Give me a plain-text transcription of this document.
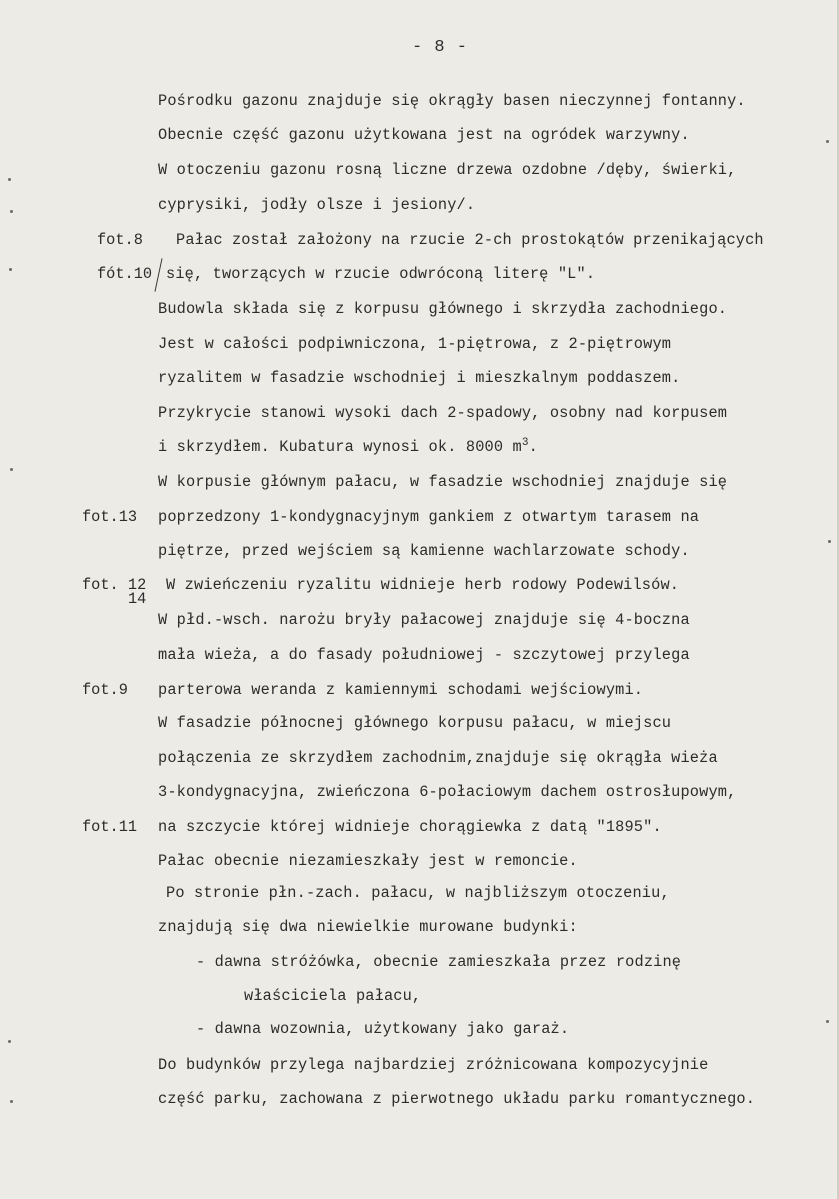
- 8 -
Pośrodku gazonu znajduje się okrągły basen nieczynnej fontanny.
Obecnie część gazonu użytkowana jest na ogródek warzywny.
W otoczeniu gazonu rosną liczne drzewa ozdobne /dęby, świerki,
cyprysiki, jodły olsze i jesiony/.
Pałac został założony na rzucie 2-ch prostokątów przenikających
się, tworzących w rzucie odwróconą literę "L".
Budowla składa się z korpusu głównego i skrzydła zachodniego.
Jest w całości podpiwniczona, 1-piętrowa, z 2-piętrowym
ryzalitem w fasadzie wschodniej i mieszkalnym poddaszem.
Przykrycie stanowi wysoki dach 2-spadowy, osobny nad korpusem
i skrzydłem. Kubatura wynosi ok. 8000 $m^3$.
W korpusie głównym pałacu, w fasadzie wschodniej znajduje się
poprzedzony 1-kondygnacyjnym gankiem z otwartym tarasem na
piętrze, przed wejściem są kamienne wachlarzowate schody.
W zwieńczeniu ryzalitu widnieje herb rodowy Podewilsów.
W płd.-wsch. narożu bryły pałacowej znajduje się 4-boczna
mała wieża, a do fasady południowej - szczytowej przylega
parterowa weranda z kamiennymi schodami wejściowymi.
W fasadzie północnej głównego korpusu pałacu, w miejscu
połączenia ze skrzydłem zachodnim,znajduje się okrągła wieża
3-kondygnacyjna, zwieńczona 6-połaciowym dachem ostrosłupowym,
na szczycie której widnieje chorągiewka z datą "1895".
Pałac obecnie niezamieszkały jest w remoncie.
Po stronie płn.-zach. pałacu, w najbliższym otoczeniu,
znajdują się dwa niewielkie murowane budynki:
- dawna stróżówka, obecnie zamieszkała przez rodzinę
właściciela pałacu,
- dawna wozownia, użytkowany jako garaż.
Do budynków przylega najbardziej zróżnicowana kompozycyjnie
część parku, zachowana z pierwotnego układu parku romantycznego.
fot.8
fót.10
fot.13
fot. 12
14
fot.9
fot.11
